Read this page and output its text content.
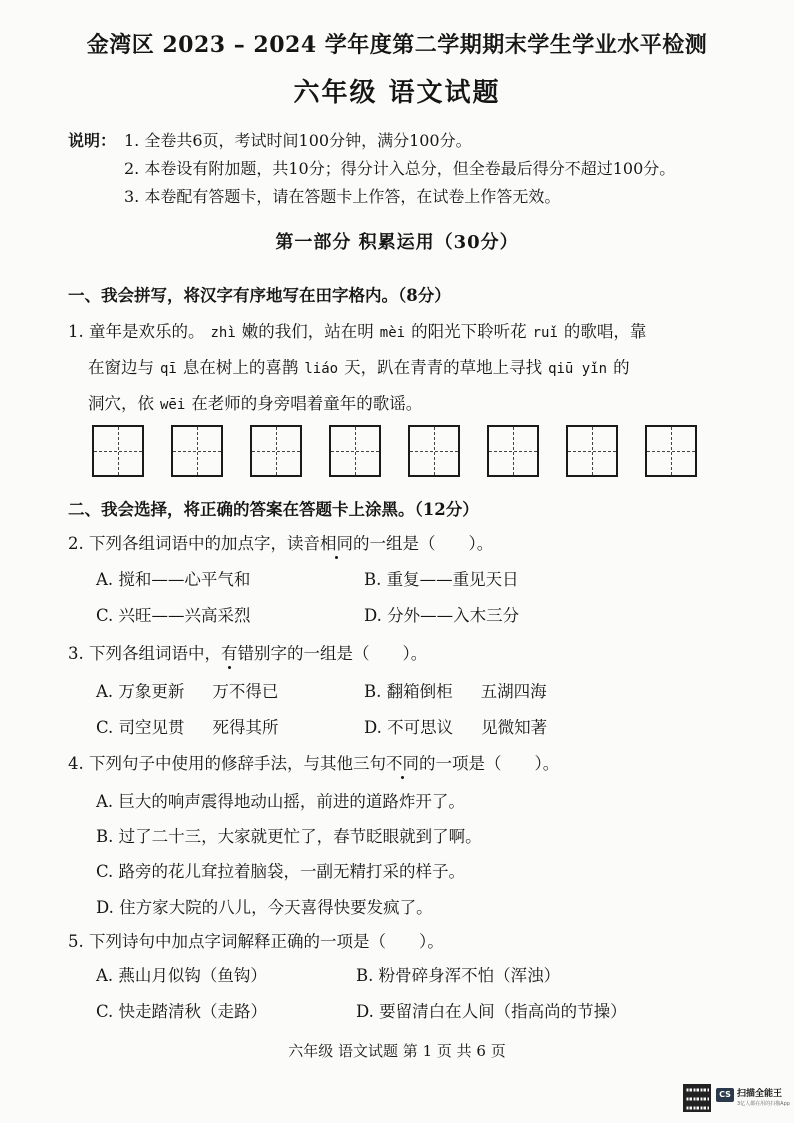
金湾区 2023 – 2024 学年度第二学期期末学生学业水平检测
六年级 语文试题
说明： 1. 全卷共6页，考试时间100分钟，满分100分。
2. 本卷设有附加题，共10分；得分计入总分，但全卷最后得分不超过100分。
3. 本卷配有答题卡，请在答题卡上作答，在试卷上作答无效。
第一部分 积累运用（30分）
一、我会拼写，将汉字有序地写在田字格内。（8分）
1. 童年是欢乐的。 zhì 嫩的我们，站在明 mèi 的阳光下聆听花 ruǐ 的歌唱，靠
在窗边与 qī 息在树上的喜鹊 liáo 天，趴在青青的草地上寻找 qiū yǐn 的
洞穴，依 wēi 在老师的身旁唱着童年的歌谣。
二、我会选择，将正确的答案在答题卡上涂黑。（12分）
2. 下列各组词语中的加点字，读音相同的一组是（　　）。
A. 搅和——心平气和	B. 重复——重见天日
C. 兴旺——兴高采烈	D. 分外——入木三分
3. 下列各组词语中，有错别字的一组是（　　）。
A. 万象更新 万不得已	B. 翻箱倒柜 五湖四海
C. 司空见贯 死得其所	D. 不可思议 见微知著
4. 下列句子中使用的修辞手法，与其他三句不同的一项是（　　）。
A. 巨大的响声震得地动山摇，前进的道路炸开了。
B. 过了二十三，大家就更忙了，春节眨眼就到了啊。
C. 路旁的花儿耷拉着脑袋，一副无精打采的样子。
D. 住方家大院的八儿，今天喜得快要发疯了。
5. 下列诗句中加点字词解释正确的一项是（　　）。
A. 燕山月似钩（鱼钩）	B. 粉骨碎身浑不怕（浑浊）
C. 快走踏清秋（走路）	D. 要留清白在人间（指高尚的节操）
六年级 语文试题 第 1 页 共 6 页
CS 扫描全能王
3亿人都在用的扫描App
